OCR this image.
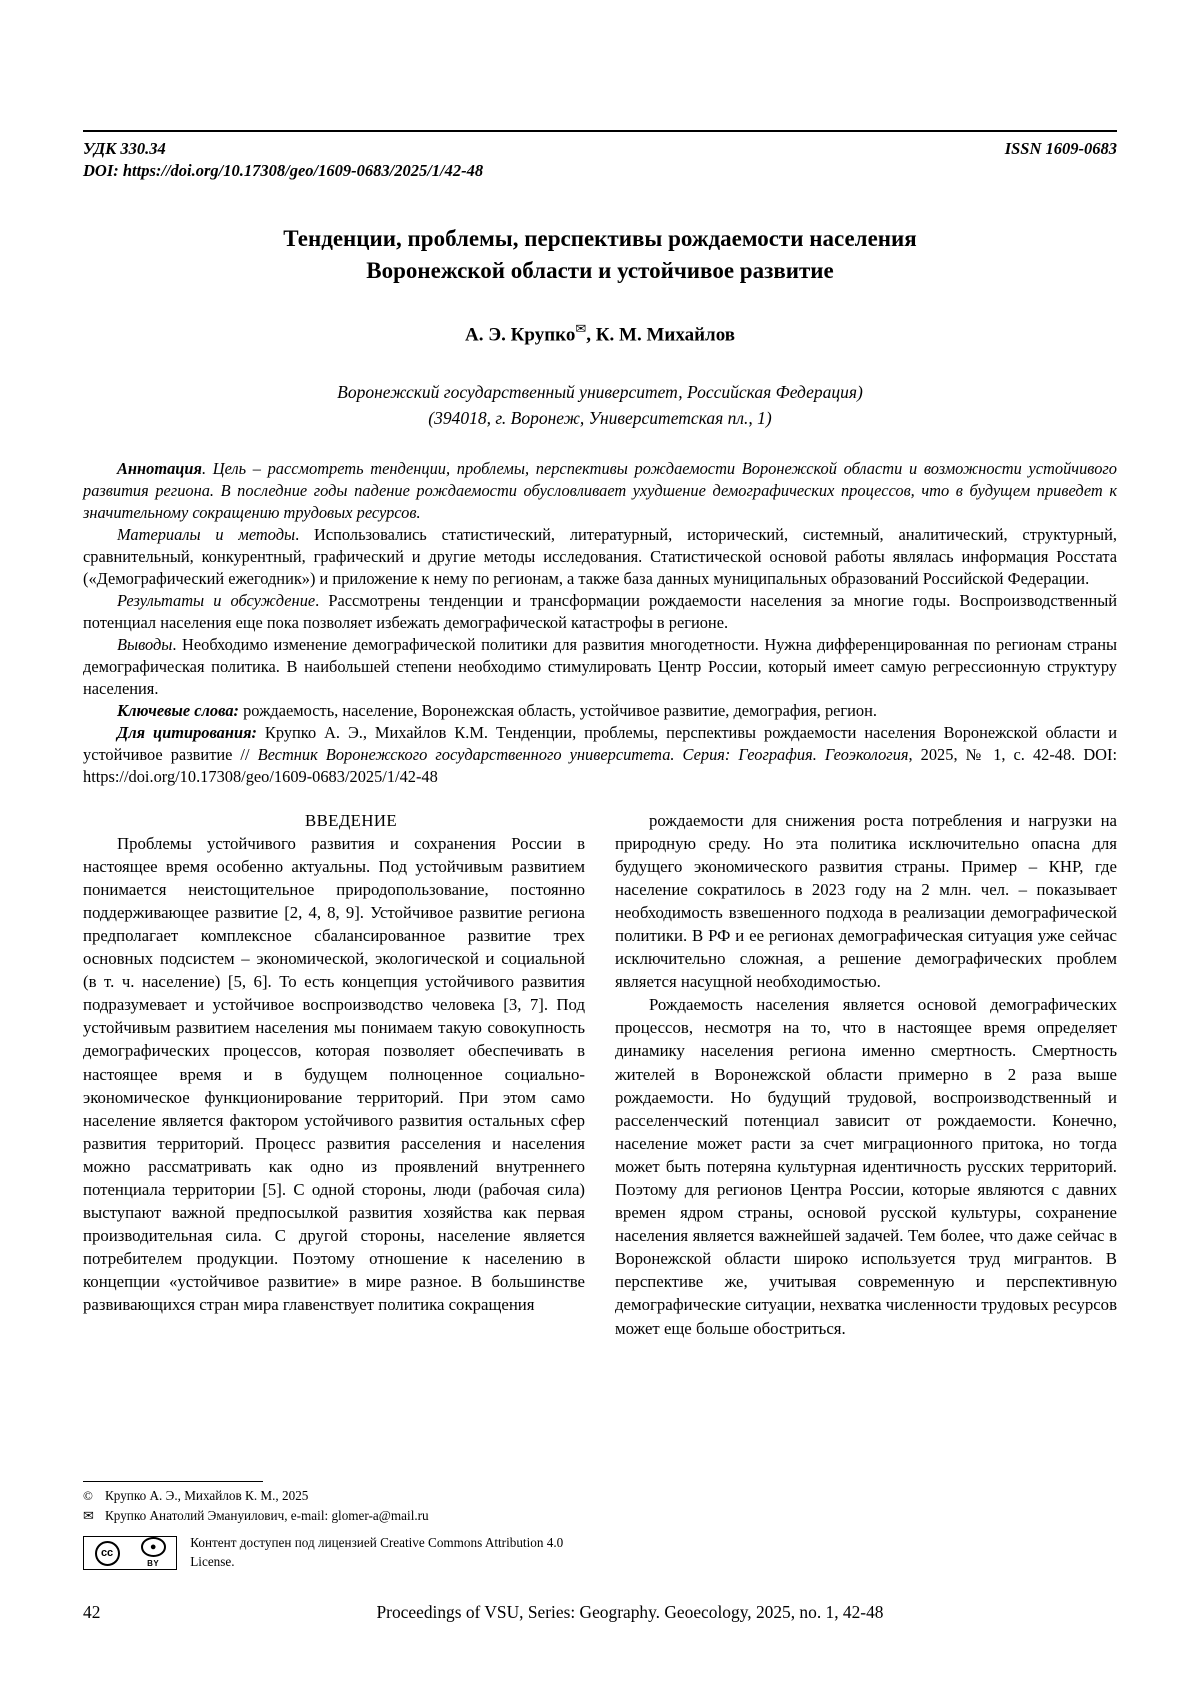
УДК 330.34	ISSN 1609-0683
DOI: https://doi.org/10.17308/geo/1609-0683/2025/1/42-48
Тенденции, проблемы, перспективы рождаемости населения
Воронежской области и устойчивое развитие
А. Э. Крупко✉, К. М. Михайлов
Воронежский государственный университет, Российская Федерация)
(394018, г. Воронеж, Университетская пл., 1)

Аннотация. Цель – рассмотреть тенденции, проблемы, перспективы рождаемости Воронежской области и возможности устойчивого развития региона. В последние годы падение рождаемости обусловливает ухудшение демографических процессов, что в будущем приведет к значительному сокращению трудовых ресурсов.

Материалы и методы. Использовались статистический, литературный, исторический, системный, аналитический, структурный, сравнительный, конкурентный, графический и другие методы исследования. Статистической основой работы являлась информация Росстата («Демографический ежегодник») и приложение к нему по регионам, а также база данных муниципальных образований Российской Федерации.

Результаты и обсуждение. Рассмотрены тенденции и трансформации рождаемости населения за многие годы. Воспроизводственный потенциал населения еще пока позволяет избежать демографической катастрофы в регионе.

Выводы. Необходимо изменение демографической политики для развития многодетности. Нужна дифференцированная по регионам страны демографическая политика. В наибольшей степени необходимо стимулировать Центр России, который имеет самую регрессионную структуру населения.

Ключевые слова: рождаемость, население, Воронежская область, устойчивое развитие, демография, регион.

Для цитирования: Крупко А. Э., Михайлов К.М. Тенденции, проблемы, перспективы рождаемости населения Воронежской области и устойчивое развитие // Вестник Воронежского государственного университета. Серия: География. Геоэкология, 2025, № 1, с. 42-48. DOI: https://doi.org/10.17308/geo/1609-0683/2025/1/42-48

ВВЕДЕНИЕ

Проблемы устойчивого развития и сохранения России в настоящее время особенно актуальны. Под устойчивым развитием понимается неистощительное природопользование, постоянно поддерживающее развитие [2, 4, 8, 9]. Устойчивое развитие региона предполагает комплексное сбалансированное развитие трех основных подсистем – экономической, экологической и социальной (в т. ч. население) [5, 6]. То есть концепция устойчивого развития подразумевает и устойчивое воспроизводство человека [3, 7]. Под устойчивым развитием населения мы понимаем такую совокупность демографических процессов, которая позволяет обеспечивать в настоящее время и в будущем полноценное социально-экономическое функционирование территорий. При этом само население является фактором устойчивого развития остальных сфер развития территорий. Процесс развития расселения и населения можно рассматривать как одно из проявлений внутреннего потенциала территории [5]. С одной стороны, люди (рабочая сила) выступают важной предпосылкой развития хозяйства как первая производительная сила. С другой стороны, население является потребителем продукции. Поэтому отношение к населению в концепции «устойчивое развитие» в мире разное. В большинстве развивающихся стран мира главенствует политика сокращения

рождаемости для снижения роста потребления и нагрузки на природную среду. Но эта политика исключительно опасна для будущего экономического развития страны. Пример – КНР, где население сократилось в 2023 году на 2 млн. чел. – показывает необходимость взвешенного подхода в реализации демографической политики. В РФ и ее регионах демографическая ситуация уже сейчас исключительно сложная, а решение демографических проблем является насущной необходимостью.

Рождаемость населения является основой демографических процессов, несмотря на то, что в настоящее время определяет динамику населения региона именно смертность. Смертность жителей в Воронежской области примерно в 2 раза выше рождаемости. Но будущий трудовой, воспроизводственный и расселенческий потенциал зависит от рождаемости. Конечно, население может расти за счет миграционного притока, но тогда может быть потеряна культурная идентичность русских территорий. Поэтому для регионов Центра России, которые являются с давних времен ядром страны, основой русской культуры, сохранение населения является важнейшей задачей. Тем более, что даже сейчас в Воронежской области широко используется труд мигрантов. В перспективе же, учитывая современную и перспективную демографические ситуации, нехватка численности трудовых ресурсов может еще больше обостриться.

© Крупко А. Э., Михайлов К. М., 2025

✉ Крупко Анатолий Эмануилович, e-mail: glomer-a@mail.ru

cc
●
BY
Контент доступен под лицензией Creative Commons Attribution 4.0 License.
42	Proceedings of VSU, Series: Geography. Geoecology, 2025, no. 1, 42-48
